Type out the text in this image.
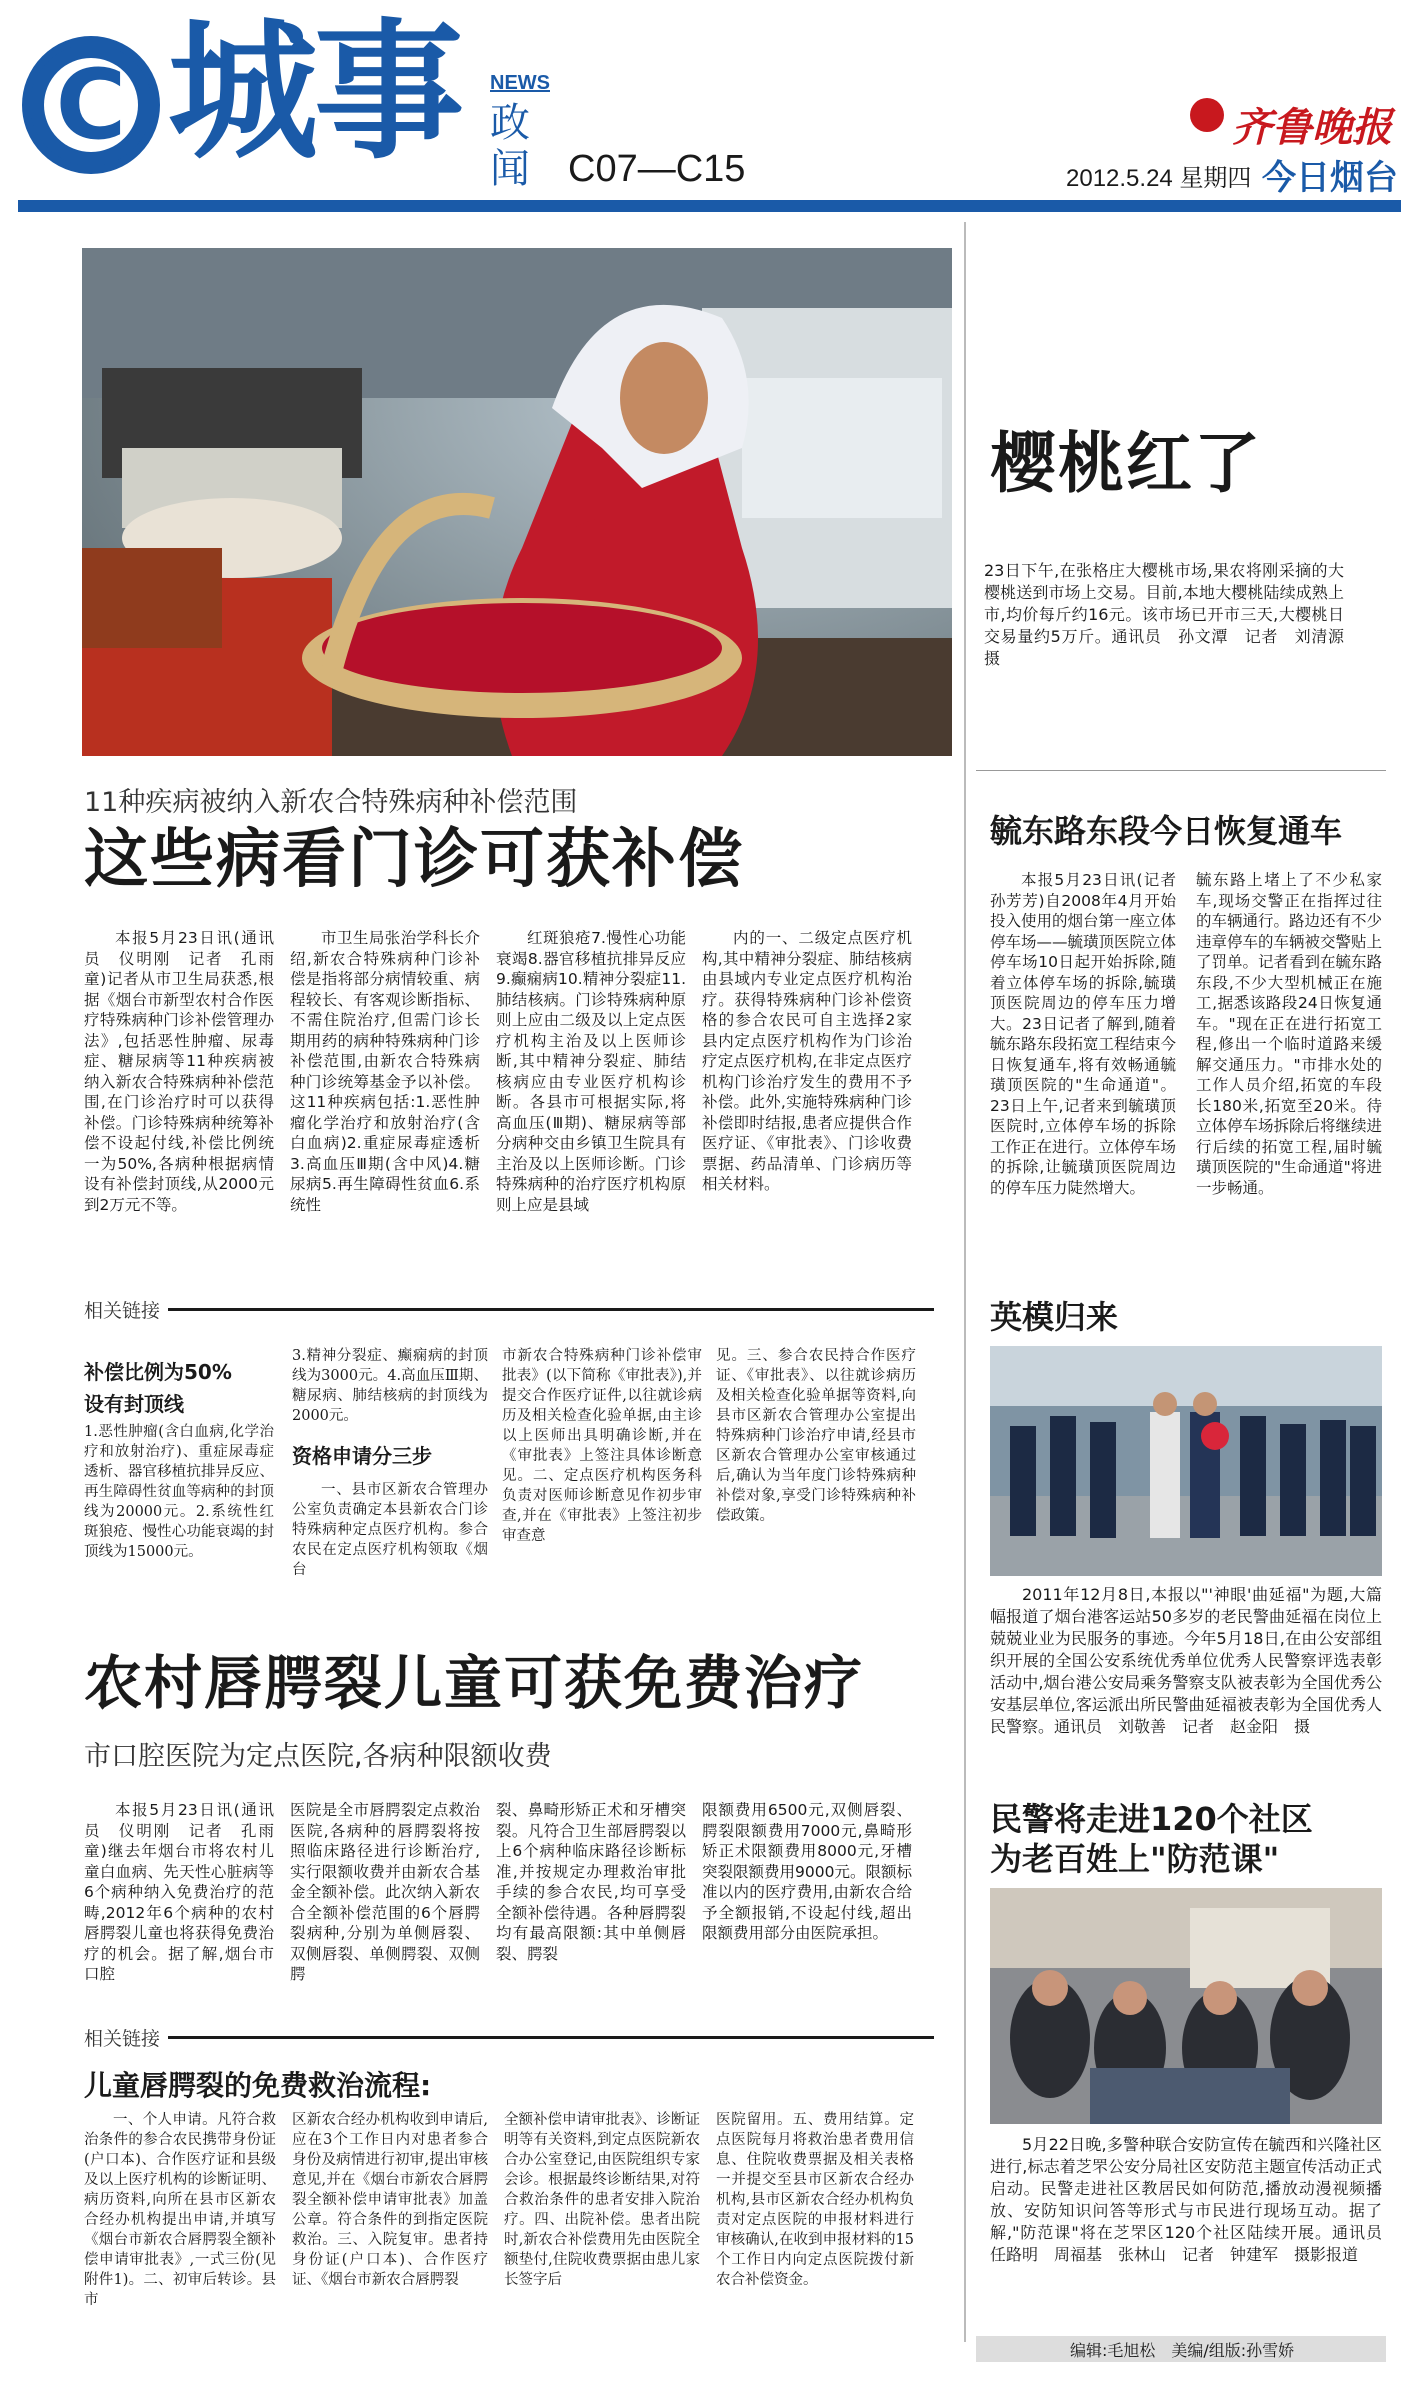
C 城事 NEWS
政闻 C07—C15
齐鲁晚报
2012.5.24 星期四 今日烟台
樱桃红了
23日下午,在张格庄大樱桃市场,果农将刚采摘的大樱桃送到市场上交易。目前,本地大樱桃陆续成熟上市,均价每斤约16元。该市场已开市三天,大樱桃日交易量约5万斤。通讯员　孙文潭　记者　刘清源　摄
11种疾病被纳入新农合特殊病种补偿范围
这些病看门诊可获补偿
本报5月23日讯(通讯员　仪明刚　记者　孔雨童)记者从市卫生局获悉,根据《烟台市新型农村合作医疗特殊病种门诊补偿管理办法》,包括恶性肿瘤、尿毒症、糖尿病等11种疾病被纳入新农合特殊病种补偿范围,在门诊治疗时可以获得补偿。门诊特殊病种统筹补偿不设起付线,补偿比例统一为50%,各病种根据病情设有补偿封顶线,从2000元到2万元不等。
市卫生局张治学科长介绍,新农合特殊病种门诊补偿是指将部分病情较重、病程较长、有客观诊断指标、不需住院治疗,但需门诊长期用药的病种特殊病种门诊补偿范围,由新农合特殊病种门诊统筹基金予以补偿。这11种疾病包括:1.恶性肿瘤化学治疗和放射治疗(含白血病)2.重症尿毒症透析3.高血压Ⅲ期(含中风)4.糖尿病5.再生障碍性贫血6.系统性
红斑狼疮7.慢性心功能衰竭8.器官移植抗排异反应9.癫痫病10.精神分裂症11.肺结核病。门诊特殊病种原则上应由二级及以上定点医疗机构主治及以上医师诊断,其中精神分裂症、肺结核病应由专业医疗机构诊断。各县市可根据实际,将高血压(Ⅲ期)、糖尿病等部分病种交由乡镇卫生院具有主治及以上医师诊断。门诊特殊病种的治疗医疗机构原则上应是县域
内的一、二级定点医疗机构,其中精神分裂症、肺结核病由县域内专业定点医疗机构治疗。获得特殊病种门诊补偿资格的参合农民可自主选择2家县内定点医疗机构作为门诊治疗定点医疗机构,在非定点医疗机构门诊治疗发生的费用不予补偿。此外,实施特殊病种门诊补偿即时结报,患者应提供合作医疗证、《审批表》、门诊收费票据、药品清单、门诊病历等相关材料。
相关链接
补偿比例为50%
设有封顶线
1.恶性肿瘤(含白血病,化学治疗和放射治疗)、重症尿毒症透析、器官移植抗排异反应、再生障碍性贫血等病种的封顶线为20000元。2.系统性红斑狼疮、慢性心功能衰竭的封顶线为15000元。
3.精神分裂症、癫痫病的封顶线为3000元。4.高血压Ⅲ期、糖尿病、肺结核病的封顶线为2000元。
资格申请分三步
一、县市区新农合管理办公室负责确定本县新农合门诊特殊病种定点医疗机构。参合农民在定点医疗机构领取《烟台
市新农合特殊病种门诊补偿审批表》(以下简称《审批表》),并提交合作医疗证件,以往就诊病历及相关检查化验单据,由主诊以上医师出具明确诊断,并在《审批表》上签注具体诊断意见。二、定点医疗机构医务科负责对医师诊断意见作初步审查,并在《审批表》上签注初步审查意
见。三、参合农民持合作医疗证、《审批表》、以往就诊病历及相关检查化验单据等资料,向县市区新农合管理办公室提出特殊病种门诊治疗申请,经县市区新农合管理办公室审核通过后,确认为当年度门诊特殊病种补偿对象,享受门诊特殊病种补偿政策。
农村唇腭裂儿童可获免费治疗
市口腔医院为定点医院,各病种限额收费
本报5月23日讯(通讯员　仪明刚　记者　孔雨童)继去年烟台市将农村儿童白血病、先天性心脏病等6个病种纳入免费治疗的范畴,2012年6个病种的农村唇腭裂儿童也将获得免费治疗的机会。据了解,烟台市口腔
医院是全市唇腭裂定点救治医院,各病种的唇腭裂将按照临床路径进行诊断治疗,实行限额收费并由新农合基金全额补偿。此次纳入新农合全额补偿范围的6个唇腭裂病种,分别为单侧唇裂、双侧唇裂、单侧腭裂、双侧腭
裂、鼻畸形矫正术和牙槽突裂。凡符合卫生部唇腭裂以上6个病种临床路径诊断标准,并按规定办理救治审批手续的参合农民,均可享受全额补偿待遇。各种唇腭裂均有最高限额:其中单侧唇裂、腭裂
限额费用6500元,双侧唇裂、腭裂限额费用7000元,鼻畸形矫正术限额费用8000元,牙槽突裂限额费用9000元。限额标准以内的医疗费用,由新农合给予全额报销,不设起付线,超出限额费用部分由医院承担。
相关链接
儿童唇腭裂的免费救治流程:
一、个人申请。凡符合救治条件的参合农民携带身份证(户口本)、合作医疗证和县级及以上医疗机构的诊断证明、病历资料,向所在县市区新农合经办机构提出申请,并填写《烟台市新农合唇腭裂全额补偿申请审批表》,一式三份(见附件1)。二、初审后转诊。县市
区新农合经办机构收到申请后,应在3个工作日内对患者参合身份及病情进行初审,提出审核意见,并在《烟台市新农合唇腭裂全额补偿申请审批表》加盖公章。符合条件的到指定医院救治。三、入院复审。患者持身份证(户口本)、合作医疗证、《烟台市新农合唇腭裂
全额补偿申请审批表》、诊断证明等有关资料,到定点医院新农合办公室登记,由医院组织专家会诊。根据最终诊断结果,对符合救治条件的患者安排入院治疗。四、出院补偿。患者出院时,新农合补偿费用先由医院全额垫付,住院收费票据由患儿家长签字后
医院留用。五、费用结算。定点医院每月将救治患者费用信息、住院收费票据及相关表格一并提交至县市区新农合经办机构,县市区新农合经办机构负责对定点医院的申报材料进行审核确认,在收到申报材料的15个工作日内向定点医院拨付新农合补偿资金。
毓东路东段今日恢复通车
本报5月23日讯(记者　孙芳芳)自2008年4月开始投入使用的烟台第一座立体停车场——毓璜顶医院立体停车场10日起开始拆除,随着立体停车场的拆除,毓璜顶医院周边的停车压力增大。23日记者了解到,随着毓东路东段拓宽工程结束今日恢复通车,将有效畅通毓璜顶医院的"生命通道"。23日上午,记者来到毓璜顶医院时,立体停车场的拆除工作正在进行。立体停车场的拆除,让毓璜顶医院周边的停车压力陡然增大。
毓东路上堵上了不少私家车,现场交警正在指挥过往的车辆通行。路边还有不少违章停车的车辆被交警贴上了罚单。记者看到在毓东路东段,不少大型机械正在施工,据悉该路段24日恢复通车。"现在正在进行拓宽工程,修出一个临时道路来缓解交通压力。"市排水处的工作人员介绍,拓宽的车段长180米,拓宽至20米。待立体停车场拆除后将继续进行后续的拓宽工程,届时毓璜顶医院的"生命通道"将进一步畅通。
英模归来
2011年12月8日,本报以"'神眼'曲延福"为题,大篇幅报道了烟台港客运站50多岁的老民警曲延福在岗位上兢兢业业为民服务的事迹。今年5月18日,在由公安部组织开展的全国公安系统优秀单位优秀人民警察评选表彰活动中,烟台港公安局乘务警察支队被表彰为全国优秀公安基层单位,客运派出所民警曲延福被表彰为全国优秀人民警察。通讯员　刘敬善　记者　赵金阳　摄
民警将走进120个社区
为老百姓上"防范课"
5月22日晚,多警种联合安防宣传在毓西和兴隆社区进行,标志着芝罘公安分局社区安防范主题宣传活动正式启动。民警走进社区教居民如何防范,播放动漫视频播放、安防知识问答等形式与市民进行现场互动。据了解,"防范课"将在芝罘区120个社区陆续开展。通讯员　任路明　周福基　张林山　记者　钟建军　摄影报道
编辑:毛旭松　美编/组版:孙雪娇
